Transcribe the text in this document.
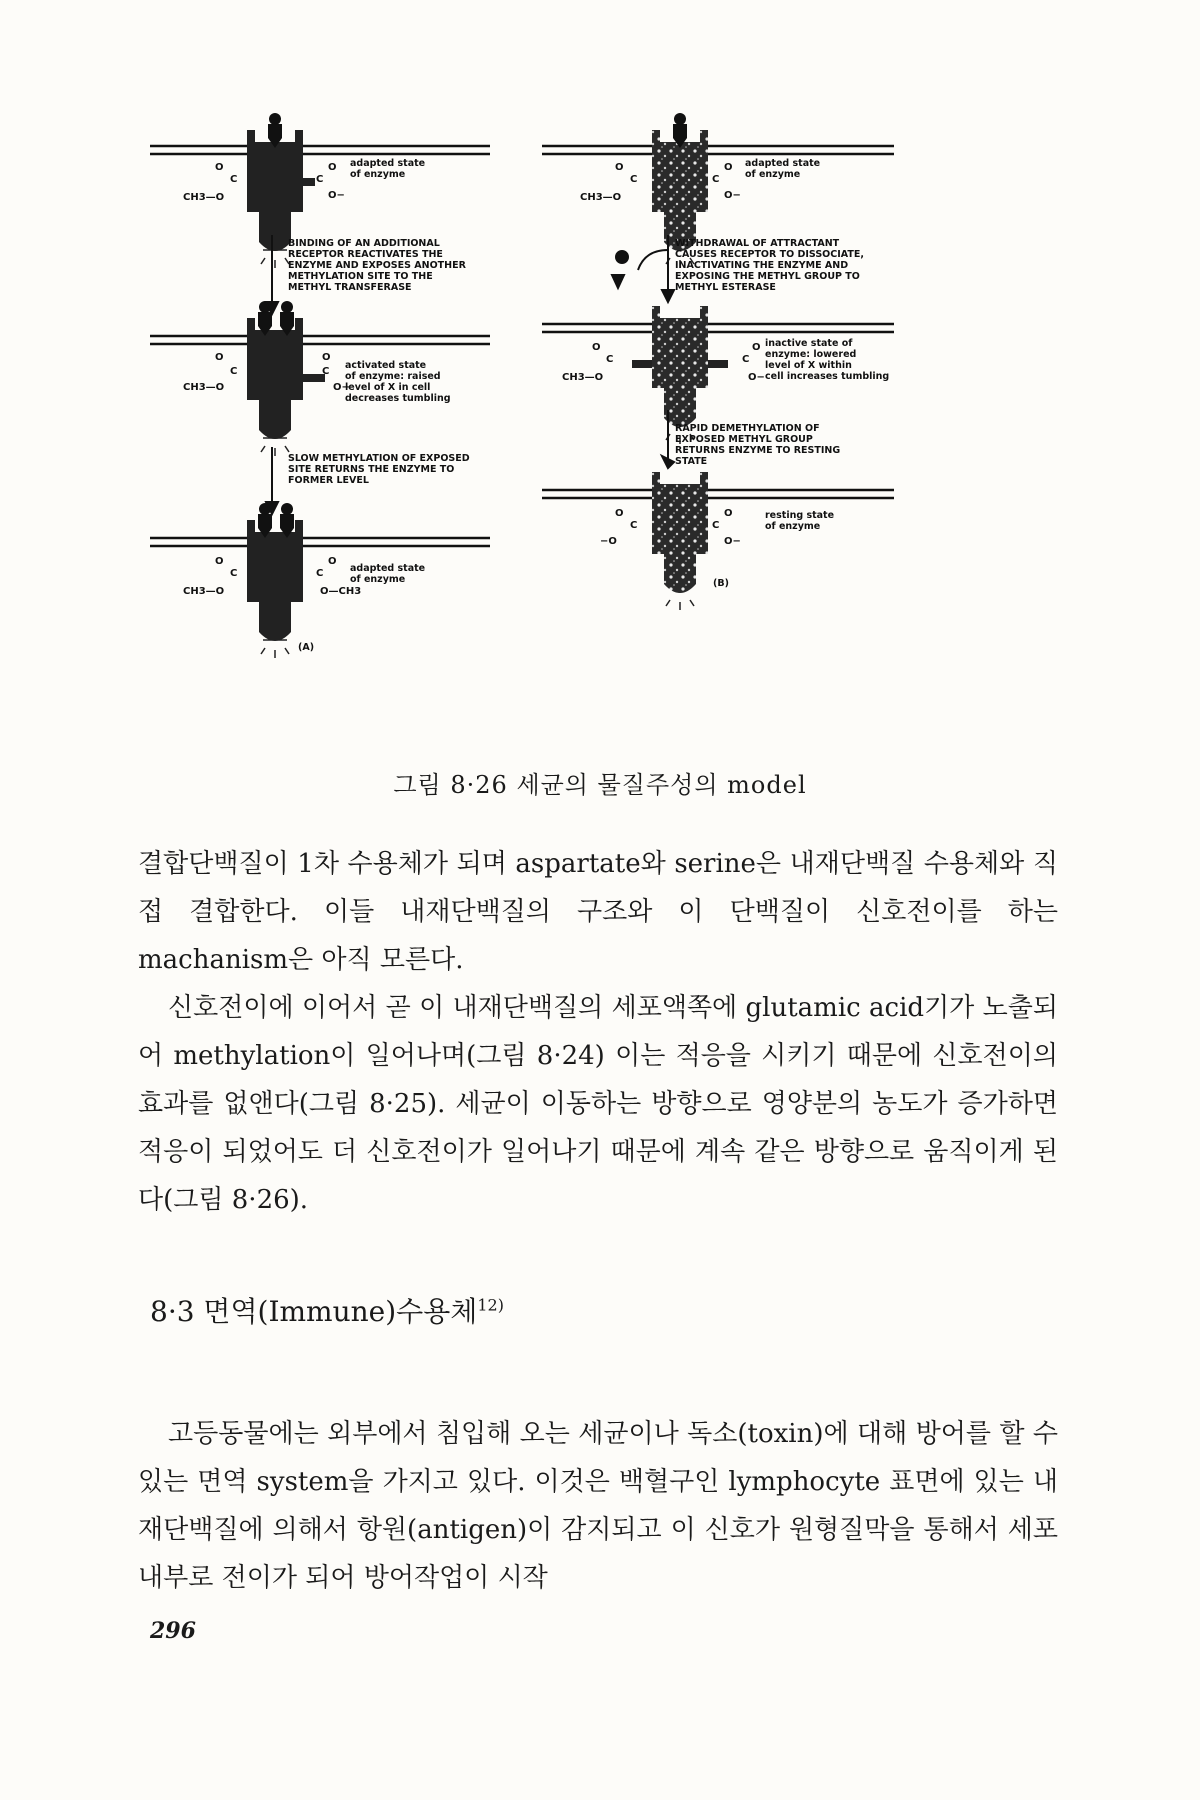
adapted state
of enzyme
BINDING OF AN ADDITIONAL
RECEPTOR REACTIVATES THE
ENZYME AND EXPOSES ANOTHER
METHYLATION SITE TO THE
METHYL TRANSFERASE
activated state
of enzyme: raised
level of X in cell
decreases tumbling
SLOW METHYLATION OF EXPOSED
SITE RETURNS THE ENZYME TO
FORMER LEVEL
adapted state
of enzyme
(A)
adapted state
of enzyme
WITHDRAWAL OF ATTRACTANT
CAUSES RECEPTOR TO DISSOCIATE,
INACTIVATING THE ENZYME AND
EXPOSING THE METHYL GROUP TO
METHYL ESTERASE
inactive state of
enzyme: lowered
level of X within
cell increases tumbling
RAPID DEMETHYLATION OF
EXPOSED METHYL GROUP
RETURNS ENZYME TO RESTING
STATE
resting state
of enzyme
(B)
O
C
CH3—O
C
O
O−
O
C
CH3—O
C
O
O−
O
C
CH3—O
C
O
O—CH3
O
C
CH3—O
C
O
O−
O
C
CH3—O
C
O
O−
O
C
−O
C
O
O−
그림 8·26 세균의 물질주성의 model

결합단백질이 1차 수용체가 되며 aspartate와 serine은 내재단백질 수용체와 직접 결합한다. 이들 내재단백질의 구조와 이 단백질이 신호전이를 하는 machanism은 아직 모른다.

신호전이에 이어서 곧 이 내재단백질의 세포액쪽에 glutamic acid기가 노출되어 methylation이 일어나며(그림 8·24) 이는 적응을 시키기 때문에 신호전이의 효과를 없앤다(그림 8·25). 세균이 이동하는 방향으로 영양분의 농도가 증가하면 적응이 되었어도 더 신호전이가 일어나기 때문에 계속 같은 방향으로 움직이게 된다(그림 8·26).

8·3 면역(Immune)수용체$^{12)}$

고등동물에는 외부에서 침입해 오는 세균이나 독소(toxin)에 대해 방어를 할 수 있는 면역 system을 가지고 있다. 이것은 백혈구인 lymphocyte 표면에 있는 내재단백질에 의해서 항원(antigen)이 감지되고 이 신호가 원형질막을 통해서 세포 내부로 전이가 되어 방어작업이 시작

296
